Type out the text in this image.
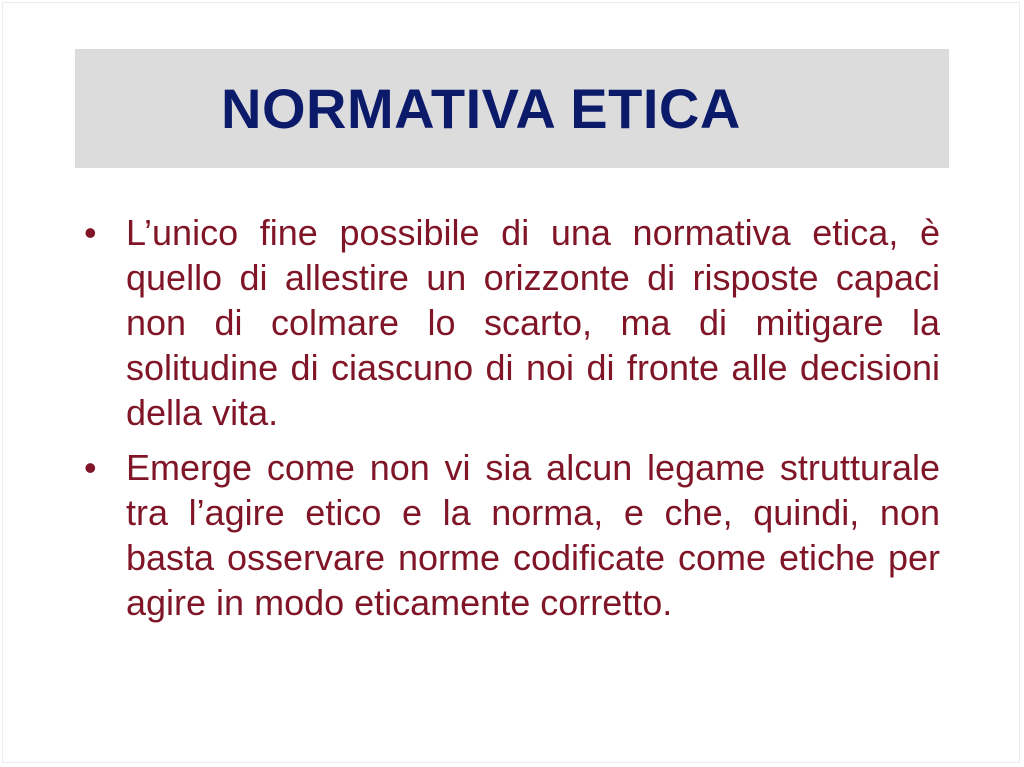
NORMATIVA ETICA
• L’unico fine possibile di una normativa etica, è quello di allestire un orizzonte di risposte capaci non di colmare lo scarto, ma di mitigare la solitudine di ciascuno di noi di fronte alle decisioni della vita.
• Emerge come non vi sia alcun legame strutturale tra l’agire etico e la norma, e che, quindi, non basta osservare norme codificate come etiche per agire in modo eticamente corretto.
